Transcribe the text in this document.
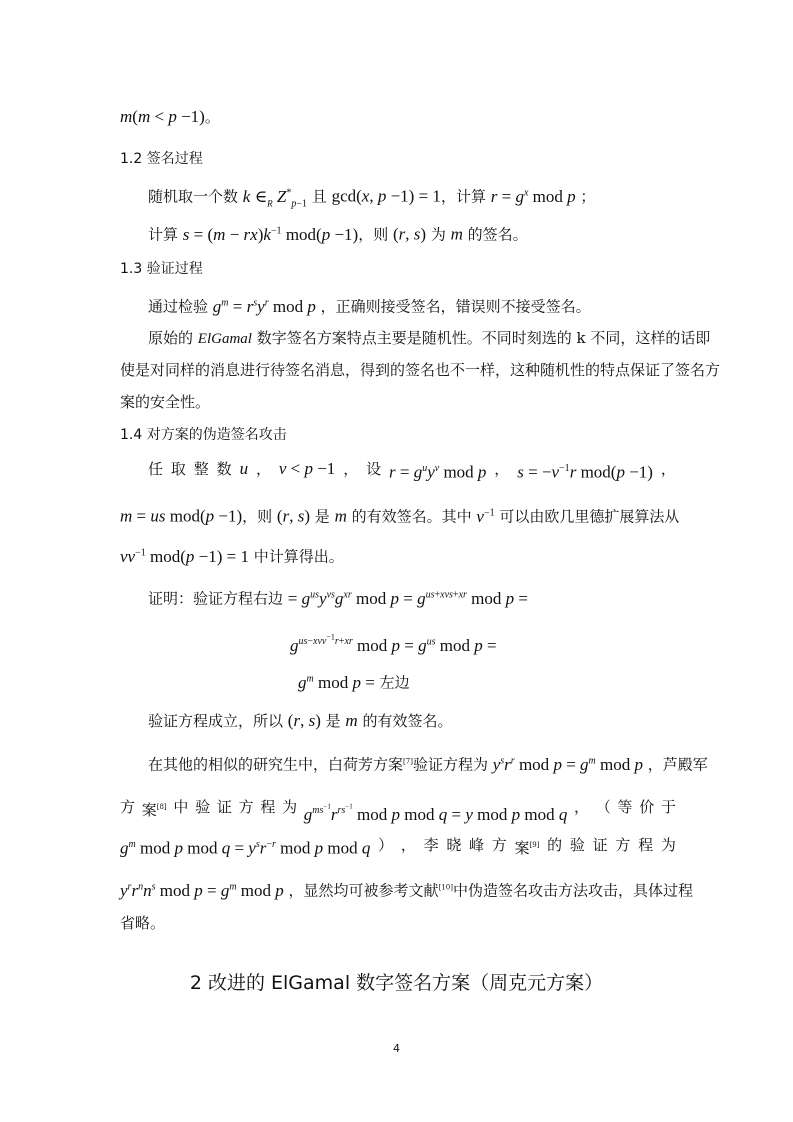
m(m < p −1)。
1.2 签名过程
随机取一个数 k $\in_R$ $Z^*_{p-1}$ 且 gcd(x, p −1) = 1，计算 $r = g^x$ mod p ；
计算 $s = (m - rx)k^{-1}$ mod(p −1)，则 (r, s) 为 m 的签名。
1.3 验证过程
通过检验 $g^m = r^sy^r$ mod p ，正确则接受签名，错误则不接受签名。
原始的 ElGamal 数字签名方案特点主要是随机性。不同时刻选的 k 不同，这样的话即
使是对同样的消息进行待签名消息，得到的签名也不一样，这种随机性的特点保证了签名方
案的安全性。
1.4 对方案的伪造签名攻击
任 取 整 数 u ， v < p −1 ， 设 $r = g^uy^v$ mod p ， $s = -v^{-1}r$ mod(p −1) ，
m = us mod(p −1)，则 (r, s) 是 m 的有效签名。其中 $v^{-1}$ 可以由欧几里德扩展算法从
$vv^{-1}$ mod(p −1) = 1 中计算得出。
证明：验证方程右边 = $g^{us}y^{vs}g^{xr}$ mod $p = g^{us+xvs+xr}$ mod p =
$g^{us-xvv^{-1}r+xr}$ mod $p = g^{us}$ mod p =
$g^m$ mod p = 左边
验证方程成立，所以 (r, s) 是 m 的有效签名。
在其他的相似的研究生中，白荷芳方案[7]验证方程为 $y^sr^r$ mod $p = g^m$ mod p ，芦殿军
方 案[8] 中 验 证 方 程 为 $g^{ms^{-1}}r^{rs^{-1}}$ mod p mod q = y mod p mod q ， （ 等 价 于
$g^m$ mod p mod $q = y^sr^{-r}$ mod p mod q ） ， 李 晓 峰 方 案[9] 的 验 证 方 程 为
$y^rr^nn^s$ mod $p = g^m$ mod p ，显然均可被参考文献[10]中伪造签名攻击方法攻击，具体过程
省略。
2 改进的 ElGamal 数字签名方案（周克元方案）
4
